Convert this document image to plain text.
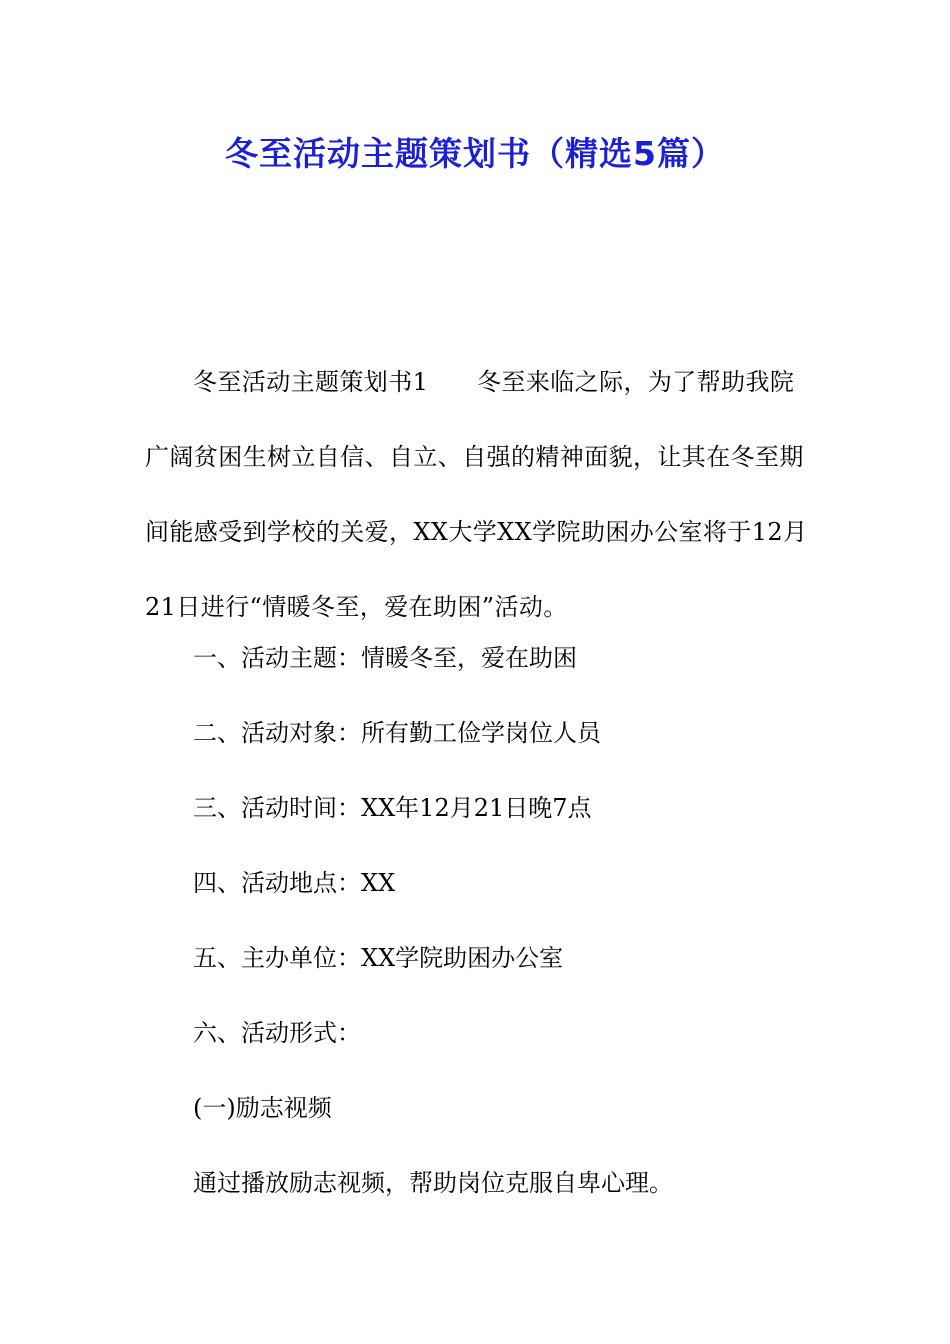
冬至活动主题策划书（精选5篇）
冬至活动主题策划书1　　冬至来临之际，为了帮助我院广阔贫困生树立自信、自立、自强的精神面貌，让其在冬至期间能感受到学校的关爱，XX大学XX学院助困办公室将于12月21日进行“情暖冬至，爱在助困”活动。
一、活动主题：情暖冬至，爱在助困
二、活动对象：所有勤工俭学岗位人员
三、活动时间：XX年12月21日晚7点
四、活动地点：XX
五、主办单位：XX学院助困办公室
六、活动形式：
(一)励志视频
通过播放励志视频，帮助岗位克服自卑心理。
